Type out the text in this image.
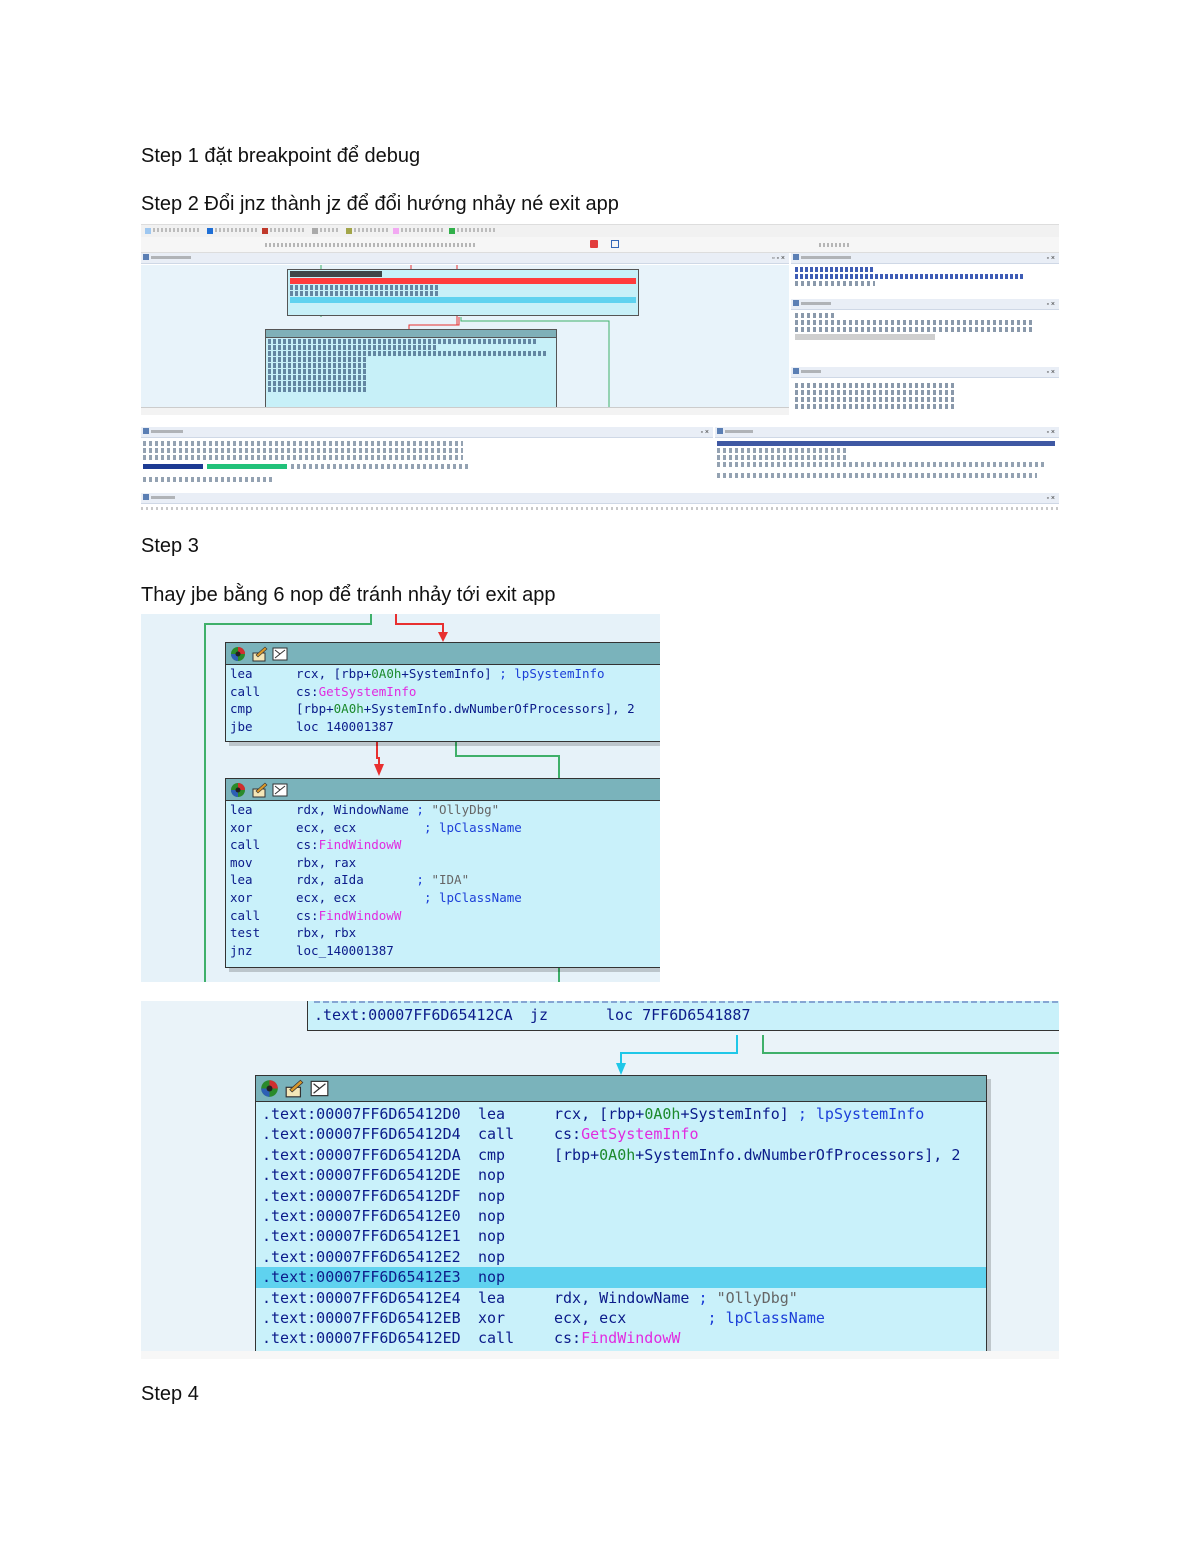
Step 1 đặt breakpoint để debug
Step 2 Đổi jnz thành jz để đổi hướng nhảy né exit app
Step 3
Thay jbe bằng 6 nop để tránh nhảy tới exit app
Step 4

▫ ▫ ×	▫ ×
▫ ×
▫ ×
▫ ×	▫ ×
▫ ×
lea	rcx, [rbp+0A0h+SystemInfo] ; lpSystemInfo
call	cs:GetSystemInfo
cmp	[rbp+0A0h+SystemInfo.dwNumberOfProcessors], 2
jbe	loc 140001387
lea	rdx, WindowName ; "OllyDbg"
xor	ecx, ecx         ; lpClassName
call	cs:FindWindowW
mov	rbx, rax
lea	rdx, aIda       ; "IDA"
xor	ecx, ecx         ; lpClassName
call	cs:FindWindowW
test	rbx, rbx
jnz	loc_140001387
.text:00007FF6D65412CA jz	loc 7FF6D6541887
.text:00007FF6D65412D0 lea	rcx, [rbp+0A0h+SystemInfo] ; lpSystemInfo
.text:00007FF6D65412D4 call	cs:GetSystemInfo
.text:00007FF6D65412DA cmp	[rbp+0A0h+SystemInfo.dwNumberOfProcessors], 2
.text:00007FF6D65412DE nop
.text:00007FF6D65412DF nop
.text:00007FF6D65412E0 nop
.text:00007FF6D65412E1 nop
.text:00007FF6D65412E2 nop
.text:00007FF6D65412E3 nop
.text:00007FF6D65412E4 lea	rdx, WindowName ; "OllyDbg"
.text:00007FF6D65412EB xor	ecx, ecx         ; lpClassName
.text:00007FF6D65412ED call	cs:FindWindowW
